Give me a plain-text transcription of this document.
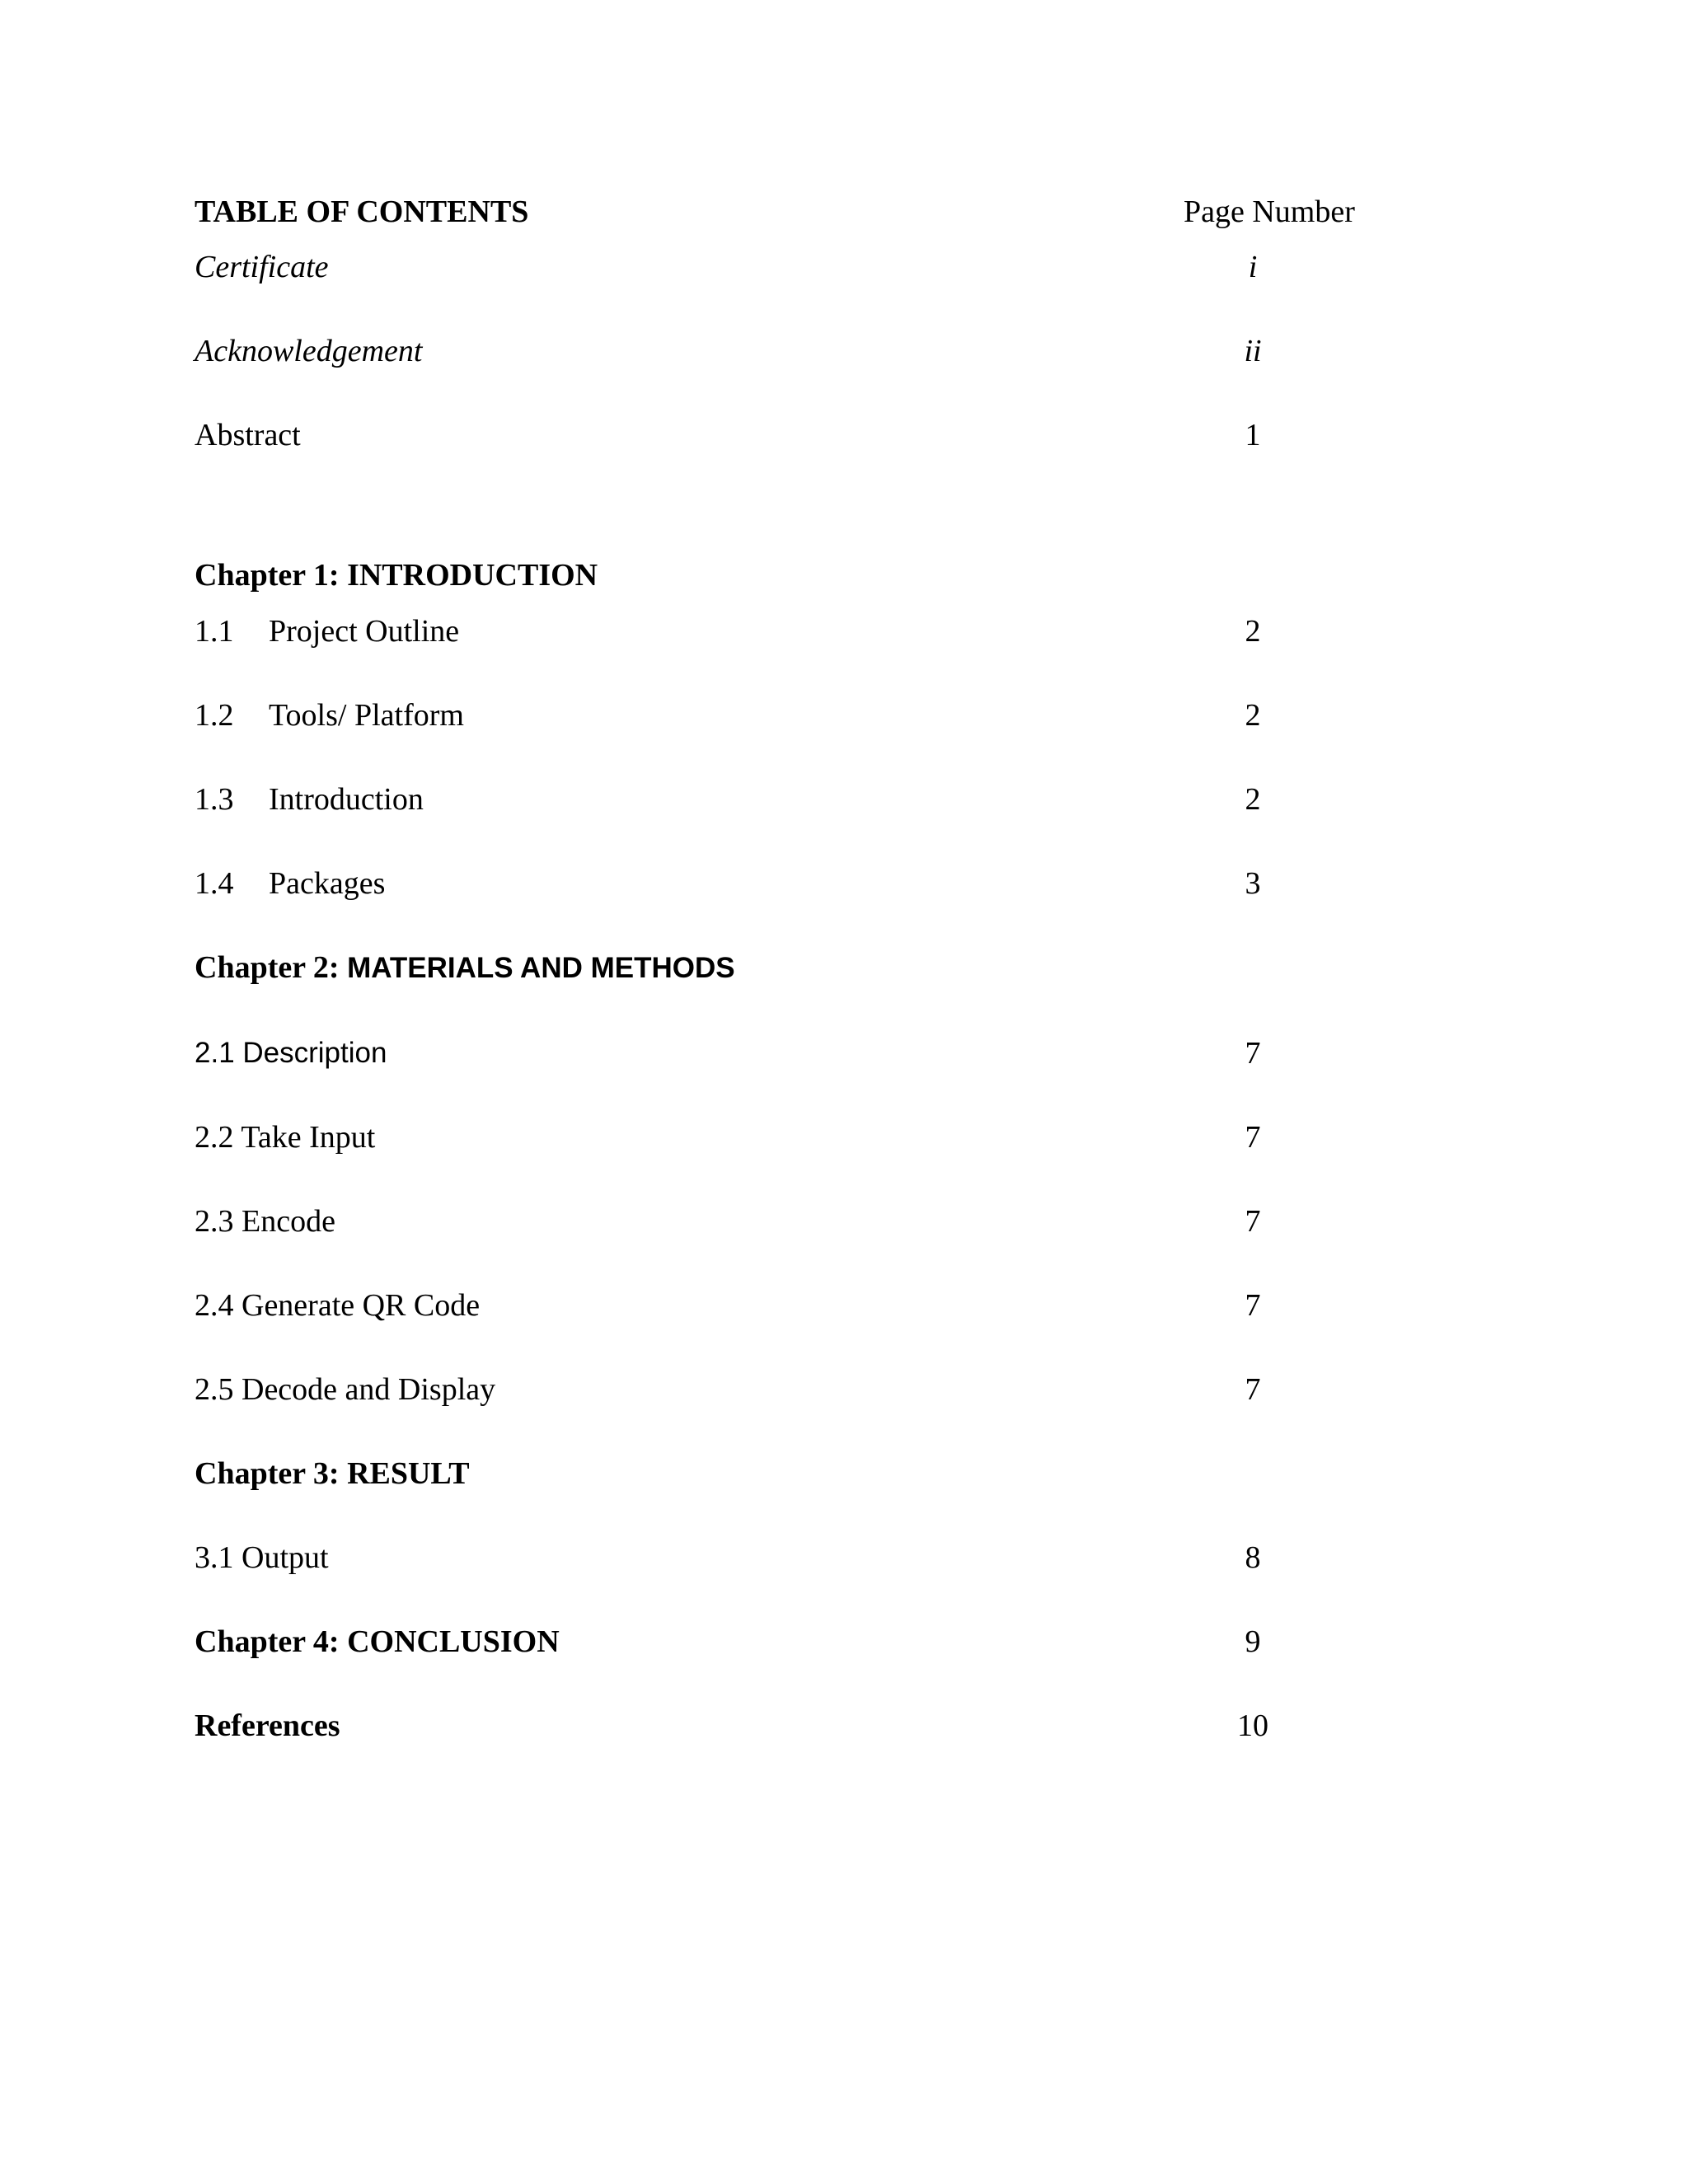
TABLE OF CONTENTS	Page Number
Certificate	i
Acknowledgement	ii
Abstract	1
Chapter 1: INTRODUCTION
1.1 Project Outline	2
1.2 Tools/ Platform	2
1.3 Introduction	2
1.4 Packages	3
Chapter 2: MATERIALS AND METHODS
2.1 Description	7
2.2 Take Input	7
2.3 Encode	7
2.4 Generate QR Code	7
2.5 Decode and Display	7
Chapter 3: RESULT
3.1 Output	8
Chapter 4: CONCLUSION	9
References	10
